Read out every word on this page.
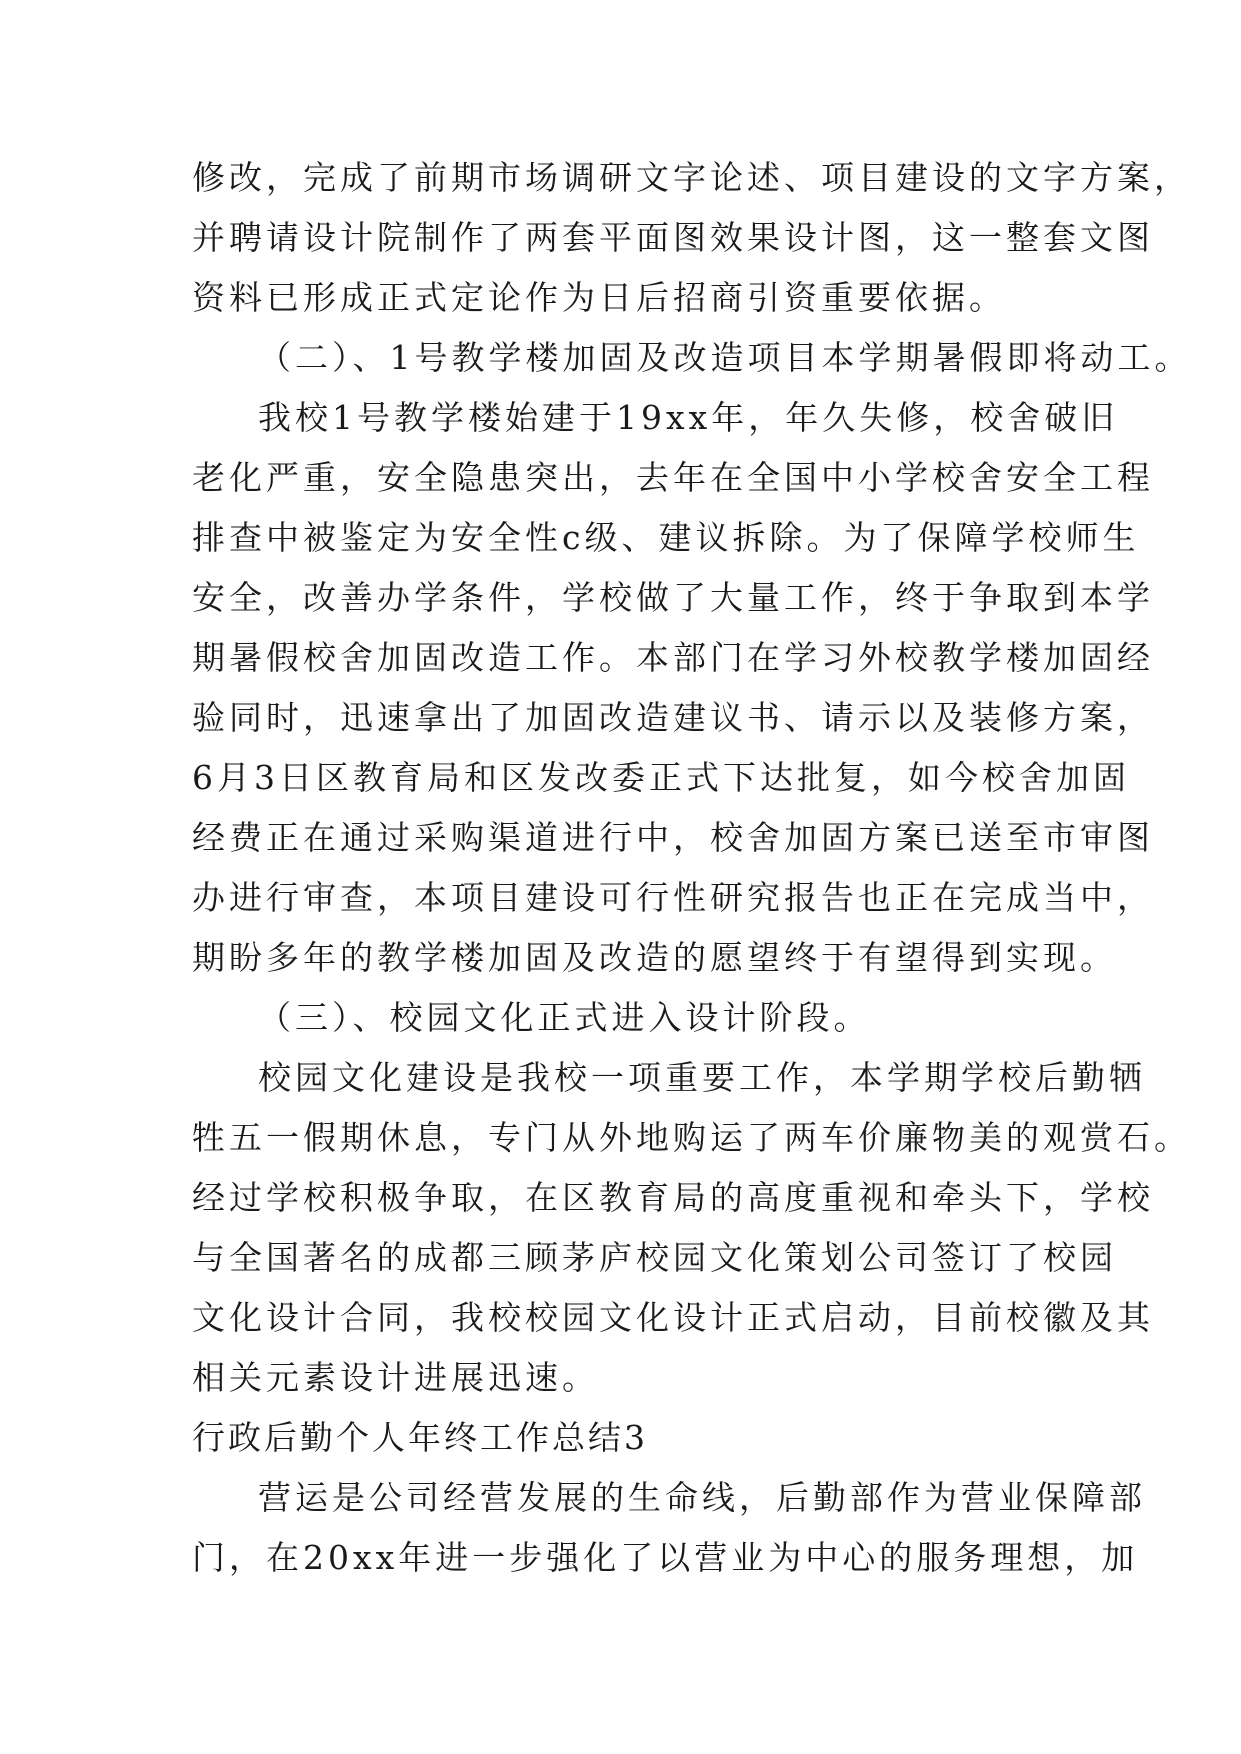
修改，完成了前期市场调研文字论述、项目建设的文字方案，
并聘请设计院制作了两套平面图效果设计图，这一整套文图
资料已形成正式定论作为日后招商引资重要依据。
（二）、1号教学楼加固及改造项目本学期暑假即将动工。
我校1号教学楼始建于19xx年，年久失修，校舍破旧
老化严重，安全隐患突出，去年在全国中小学校舍安全工程
排查中被鉴定为安全性c级、建议拆除。为了保障学校师生
安全，改善办学条件，学校做了大量工作，终于争取到本学
期暑假校舍加固改造工作。本部门在学习外校教学楼加固经
验同时，迅速拿出了加固改造建议书、请示以及装修方案，
6月3日区教育局和区发改委正式下达批复，如今校舍加固
经费正在通过采购渠道进行中，校舍加固方案已送至市审图
办进行审查，本项目建设可行性研究报告也正在完成当中，
期盼多年的教学楼加固及改造的愿望终于有望得到实现。
（三）、校园文化正式进入设计阶段。
校园文化建设是我校一项重要工作，本学期学校后勤牺
牲五一假期休息，专门从外地购运了两车价廉物美的观赏石。
经过学校积极争取，在区教育局的高度重视和牵头下，学校
与全国著名的成都三顾茅庐校园文化策划公司签订了校园
文化设计合同，我校校园文化设计正式启动，目前校徽及其
相关元素设计进展迅速。
行政后勤个人年终工作总结3
营运是公司经营发展的生命线，后勤部作为营业保障部
门，在20xx年进一步强化了以营业为中心的服务理想，加
